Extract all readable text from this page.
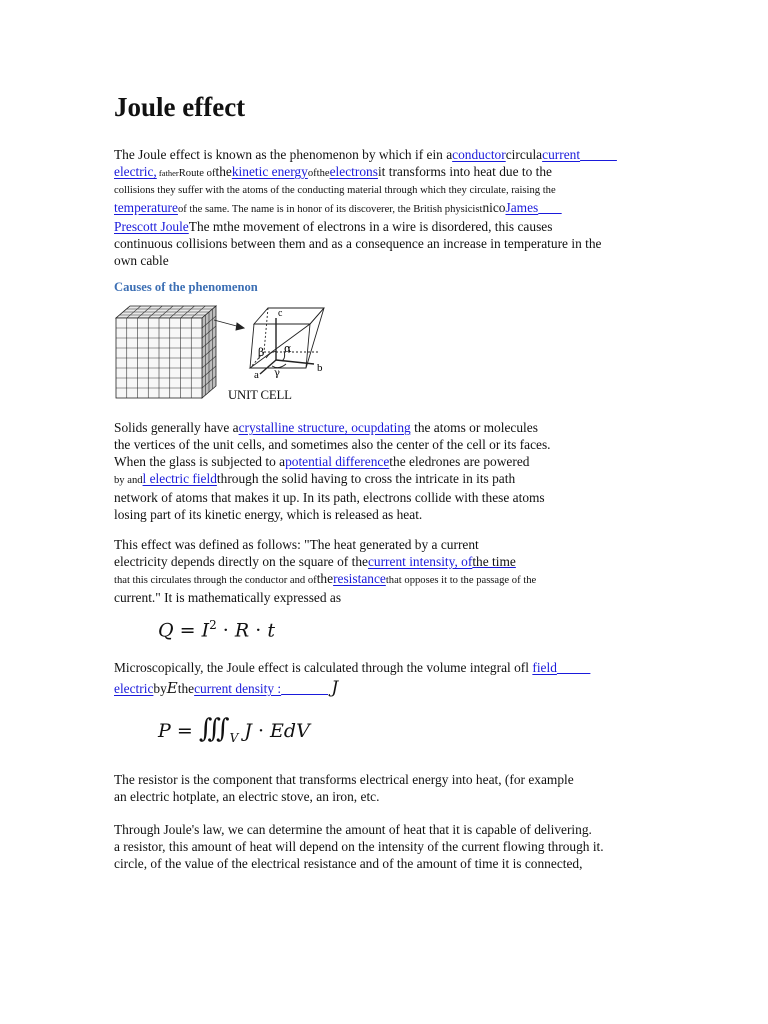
Joule effect
The Joule effect is known as the phenomenon by which if ein aconductorcirculacurrent
electric, fatherRoute ofthekinetic energyoftheelectronsit transforms into heat due to the
collisions they suffer with the atoms of the conducting material through which they circulate, raising the
temperatureof the same. The name is in honor of its discoverer, the British physicistnicoJames
Prescott JouleThe mthe movement of electrons in a wire is disordered, this causes
continuous collisions between them and as a consequence an increase in temperature in the
own cable
Causes of the phenomenon
c
b
a
β α
γ
UNIT CELL
Solids generally have acrystalline structure, ocupdating the atoms or molecules
the vertices of the unit cells, and sometimes also the center of the cell or its faces.
When the glass is subjected to apotential differencethe eledrones are powered
by andl electric fieldthrough the solid having to cross the intricate in its path
network of atoms that makes it up. In its path, electrons collide with these atoms
losing part of its kinetic energy, which is released as heat.
This effect was defined as follows: "The heat generated by a current
electricity depends directly on the square of thecurrent intensity, ofthe time
that this circulates through the conductor and oftheresistancethat opposes it to the passage of the
current." It is mathematically expressed as
$Q = I^2 \cdot R \cdot t$
Microscopically, the Joule effect is calculated through the volume integral ofl field
electricbyEthecurrent density :	J
$P = ∭_V$ J · EdV
The resistor is the component that transforms electrical energy into heat, (for example
an electric hotplate, an electric stove, an iron, etc.
Through Joule's law, we can determine the amount of heat that it is capable of delivering.
a resistor, this amount of heat will depend on the intensity of the current flowing through it.
circle, of the value of the electrical resistance and of the amount of time it is connected,
